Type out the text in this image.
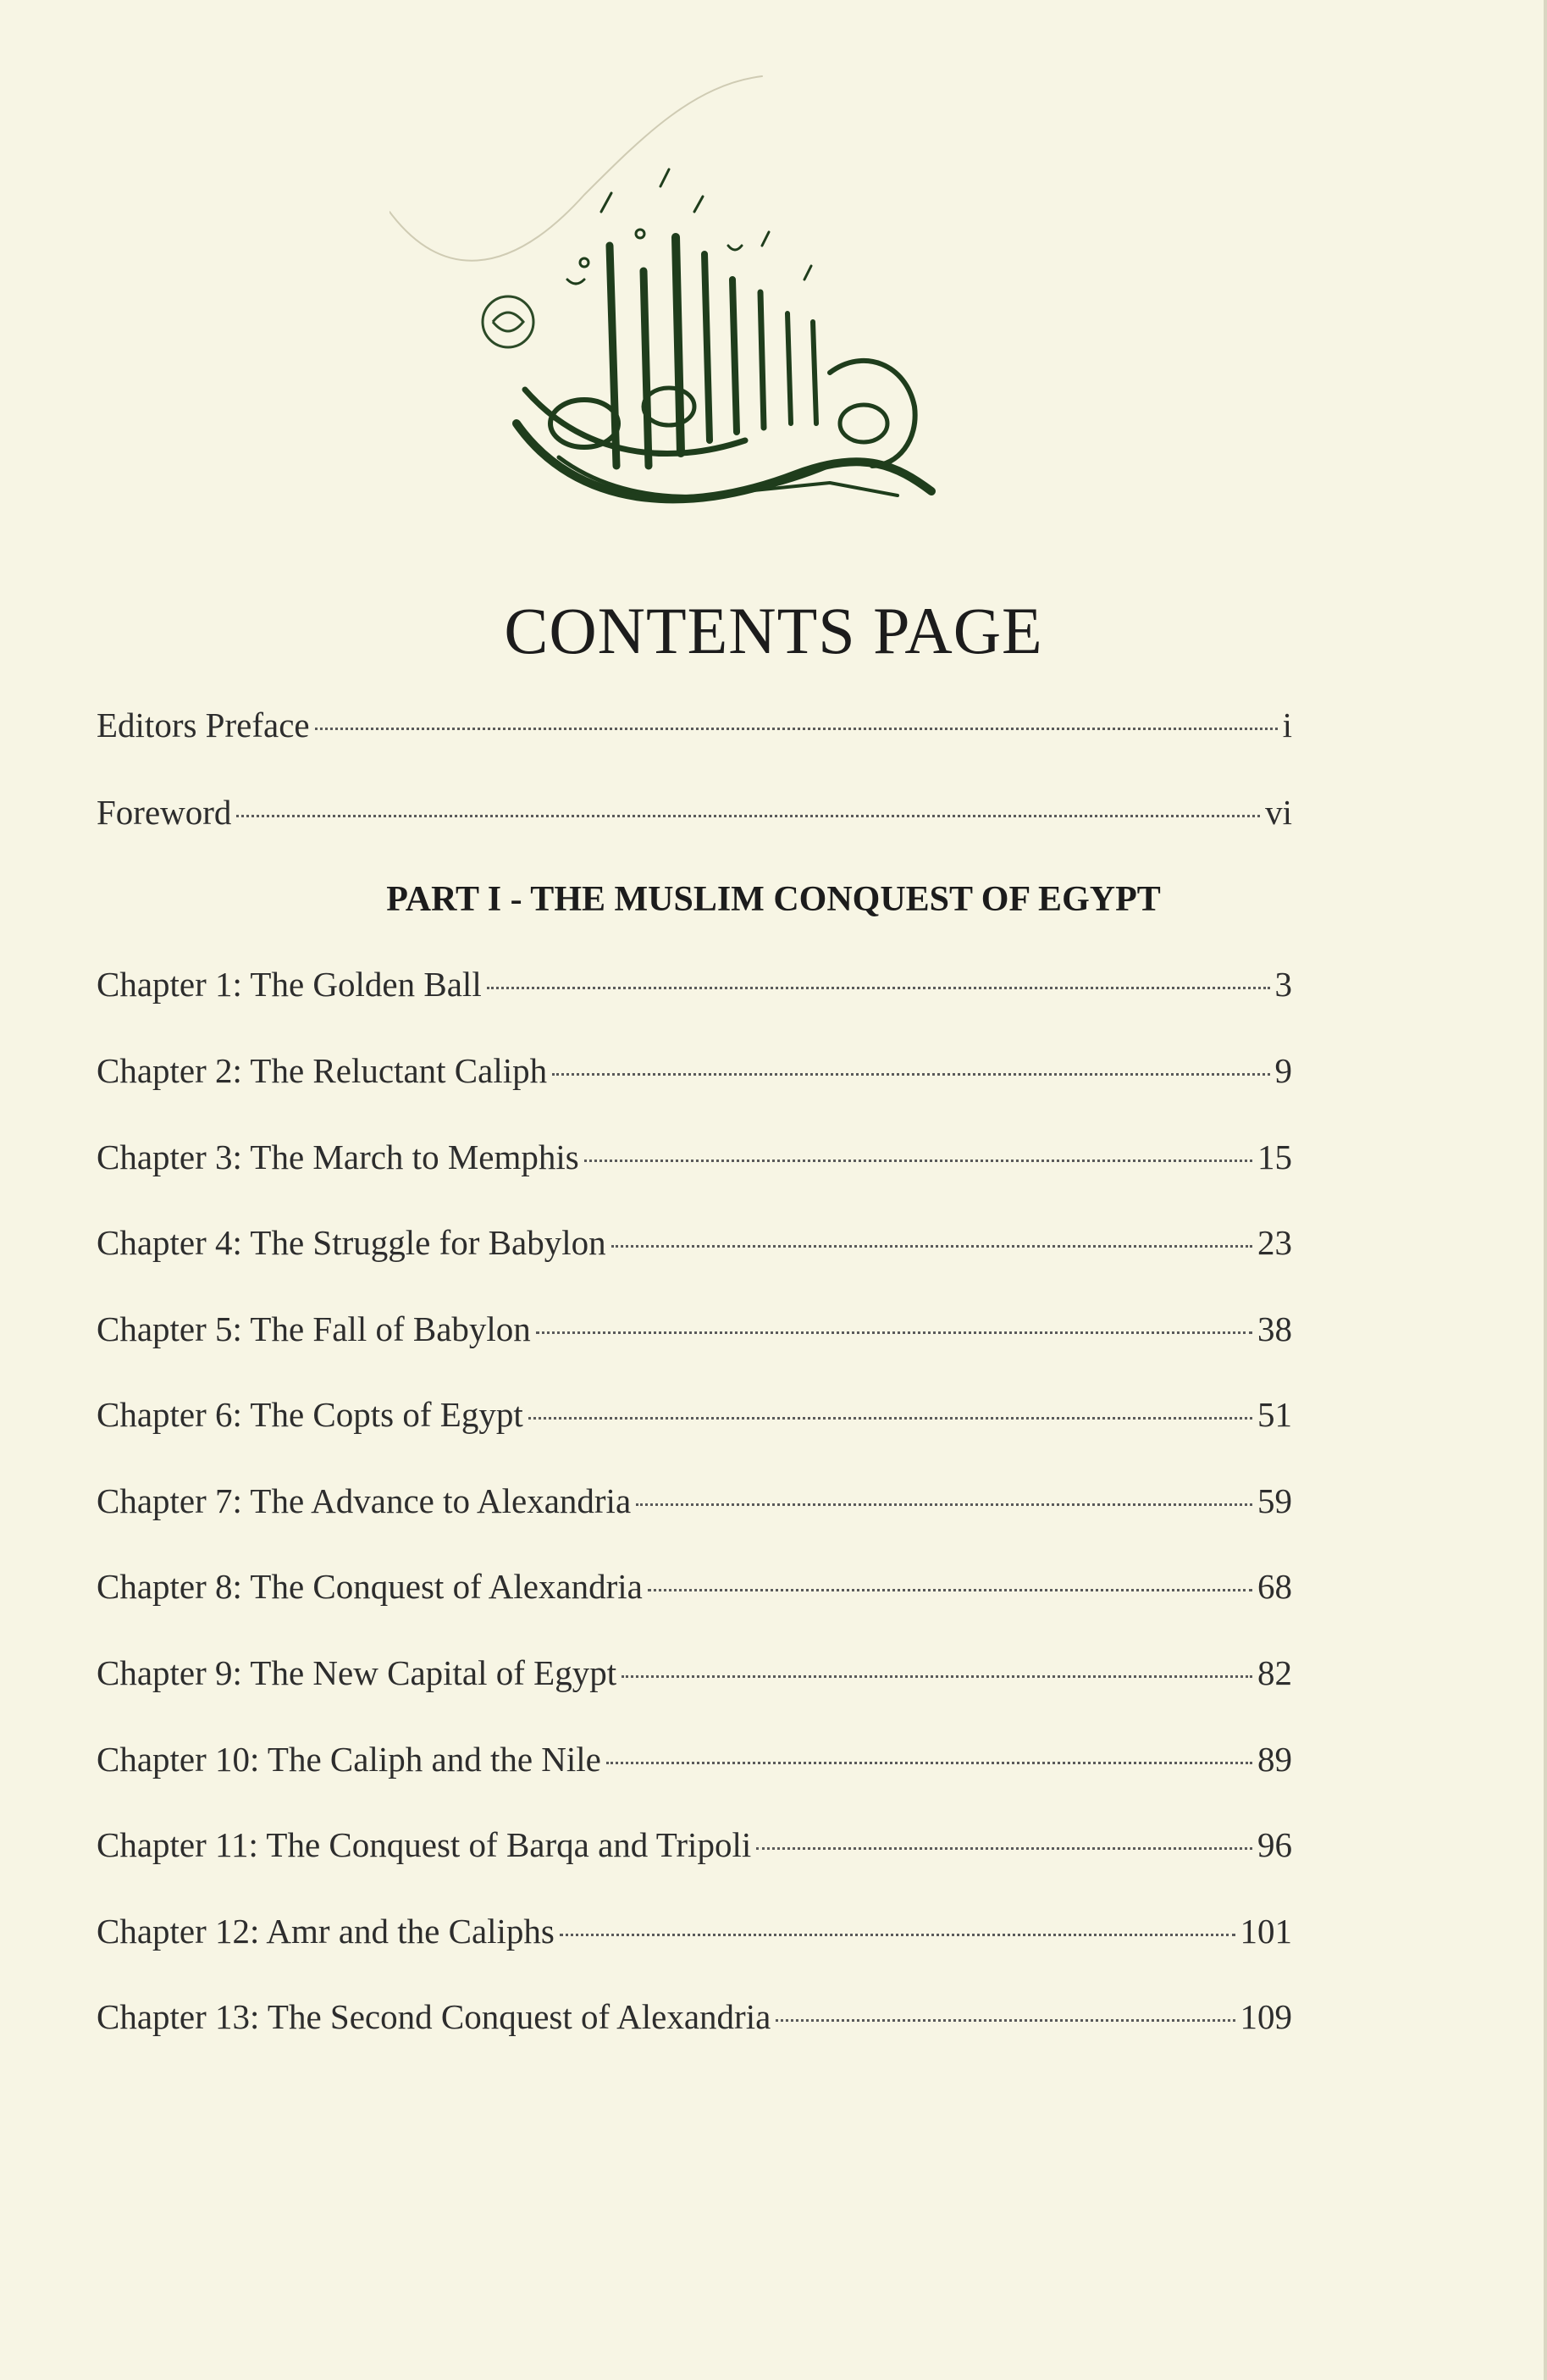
CONTENTS PAGE
Editors Preface	i
Foreword	vi
PART I - THE MUSLIM CONQUEST OF EGYPT
Chapter 1: The Golden Ball	3
Chapter 2: The Reluctant Caliph	9
Chapter 3: The March to Memphis	15
Chapter 4: The Struggle for Babylon	23
Chapter 5: The Fall of Babylon	38
Chapter 6: The Copts of Egypt	51
Chapter 7: The Advance to Alexandria	59
Chapter 8: The Conquest of Alexandria	68
Chapter 9: The New Capital of Egypt	82
Chapter 10: The Caliph and the Nile	89
Chapter 11: The Conquest of Barqa and Tripoli	96
Chapter 12: Amr and the Caliphs	101
Chapter 13: The Second Conquest of Alexandria	109
